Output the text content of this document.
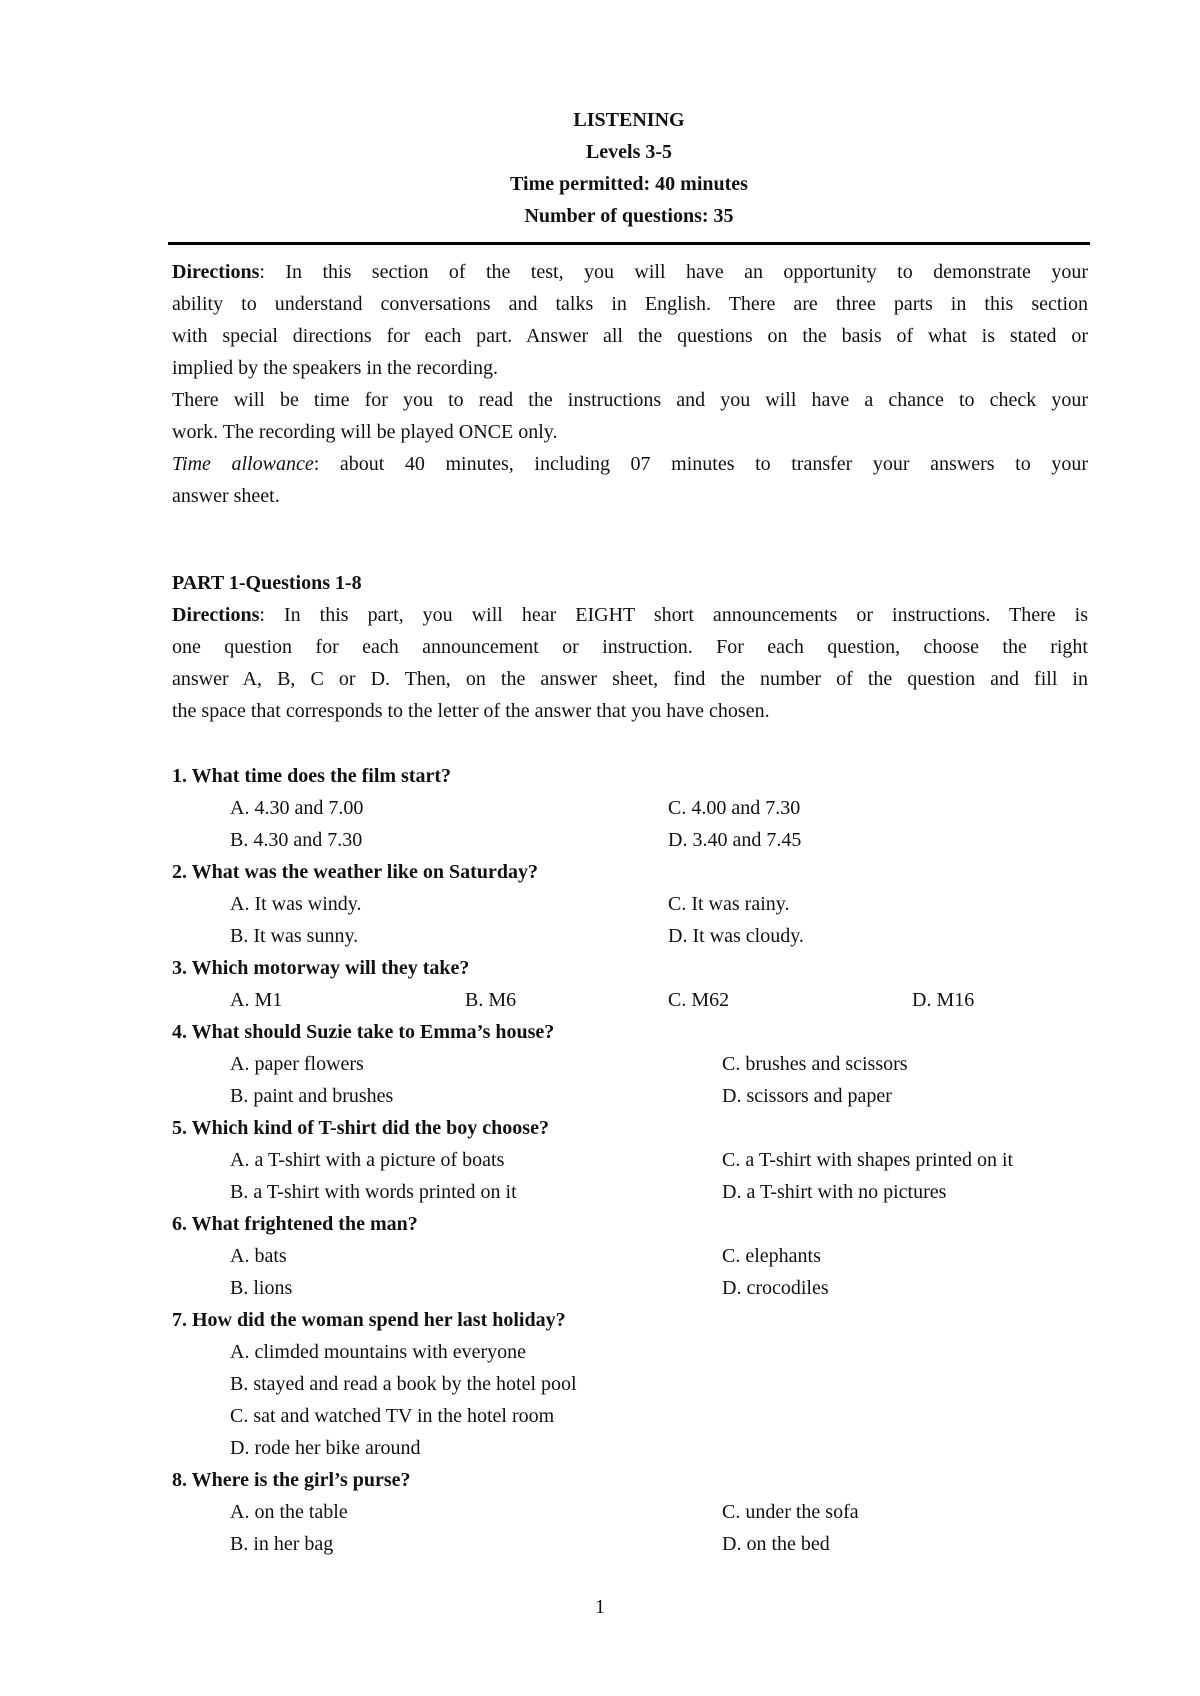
LISTENING
Levels 3-5
Time permitted: 40 minutes
Number of questions: 35
Directions: In this section of the test, you will have an opportunity to demonstrate your
ability to understand conversations and talks in English. There are three parts in this section
with special directions for each part. Answer all the questions on the basis of what is stated or
implied by the speakers in the recording.
There will be time for you to read the instructions and you will have a chance to check your
work. The recording will be played ONCE only.
Time allowance: about 40 minutes, including 07 minutes to transfer your answers to your
answer sheet.
PART 1-Questions 1-8
Directions: In this part, you will hear EIGHT short announcements or instructions. There is
one question for each announcement or instruction. For each question, choose the right
answer A, B, C or D. Then, on the answer sheet, find the number of the question and fill in
the space that corresponds to the letter of the answer that you have chosen.
1. What time does the film start?
A. 4.30 and 7.00	C. 4.00 and 7.30
B. 4.30 and 7.30	D. 3.40 and 7.45
2. What was the weather like on Saturday?
A. It was windy.	C. It was rainy.
B. It was sunny.	D. It was cloudy.
3. Which motorway will they take?
A. M1	B. M6	C. M62	D. M16
4. What should Suzie take to Emma’s house?
A. paper flowers	C. brushes and scissors
B. paint and brushes	D. scissors and paper
5. Which kind of T-shirt did the boy choose?
A. a T-shirt with a picture of boats	C. a T-shirt with shapes printed on it
B. a T-shirt with words printed on it	D. a T-shirt with no pictures
6. What frightened the man?
A. bats	C. elephants
B. lions	D. crocodiles
7. How did the woman spend her last holiday?
A. climded mountains with everyone
B. stayed and read a book by the hotel pool
C. sat and watched TV in the hotel room
D. rode her bike around
8. Where is the girl’s purse?
A. on the table	C. under the sofa
B. in her bag	D. on the bed
1
